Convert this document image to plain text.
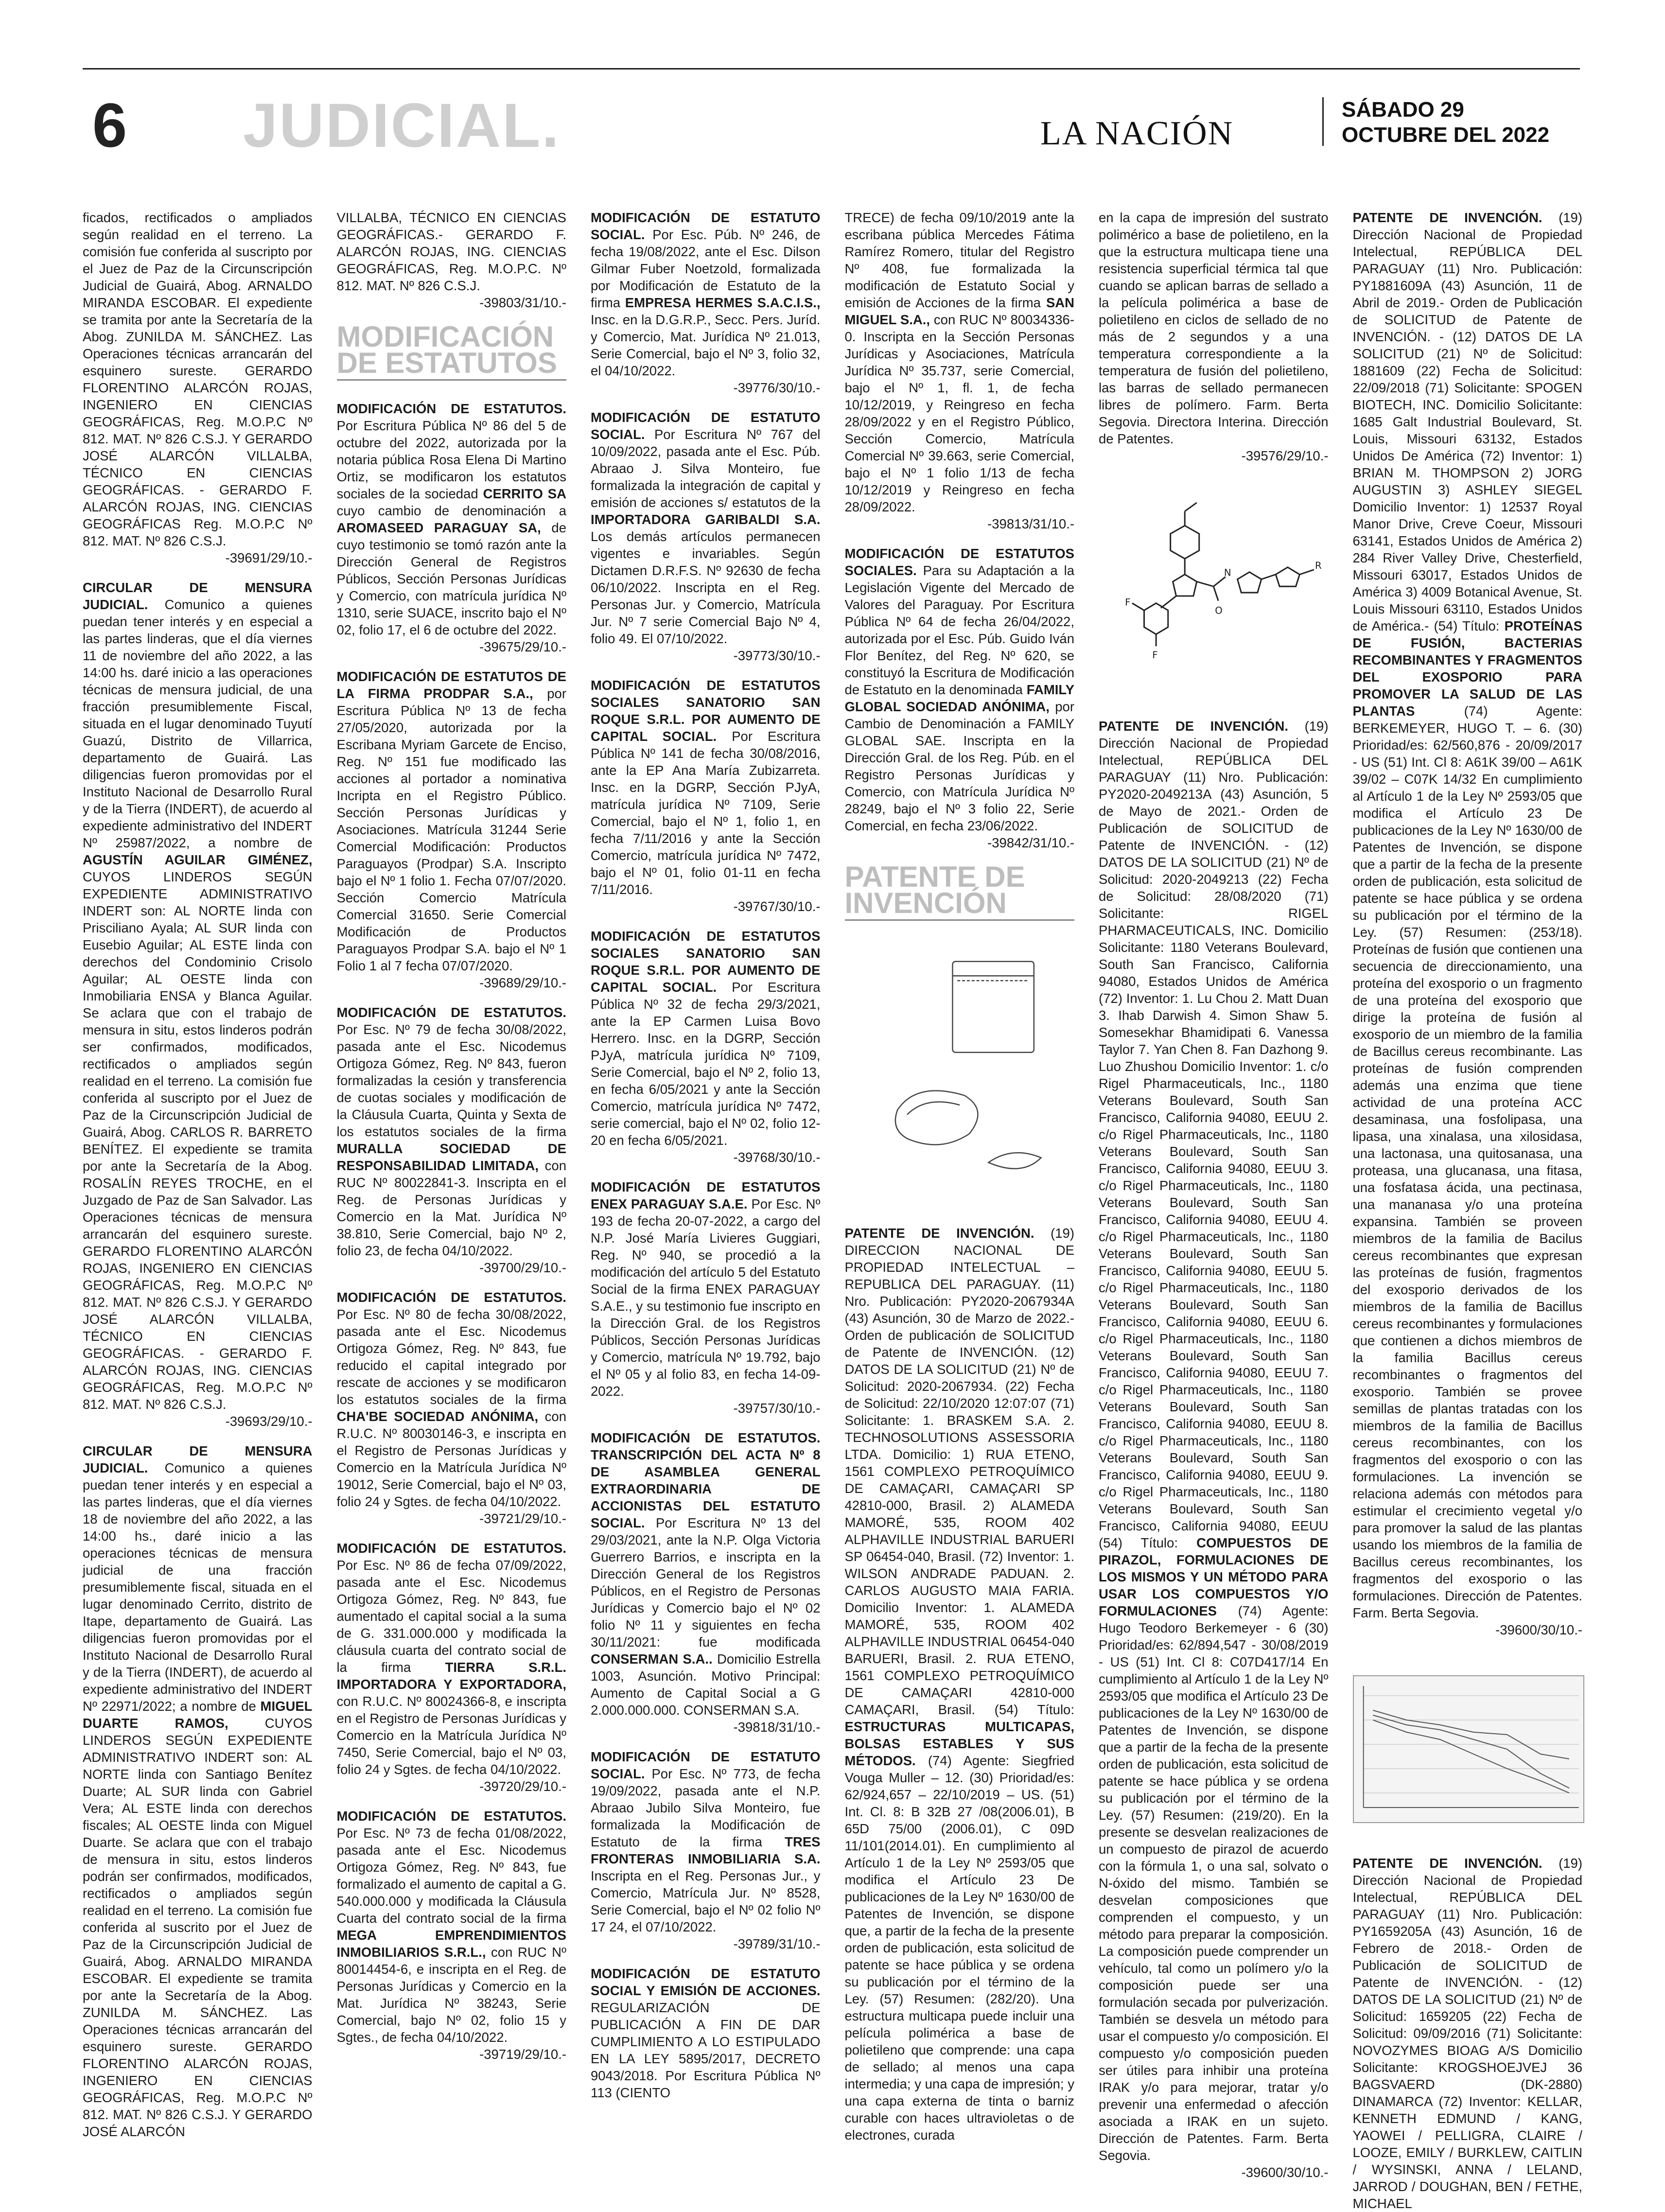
6 JUDICIAL.	LA NACIÓN
SÁBADO 29
OCTUBRE DEL 2022

ficados, rectificados o ampliados según realidad en el terreno. La comisión fue conferida al suscripto por el Juez de Paz de la Circunscripción Judicial de Guairá, Abog. ARNALDO MIRANDA ESCOBAR. El expediente se tramita por ante la Secretaría de la Abog. ZUNILDA M. SÁNCHEZ. Las Operaciones técnicas arrancarán del esquinero sureste. GERARDO FLORENTINO ALARCÓN ROJAS, INGENIERO EN CIENCIAS GEOGRÁFICAS, Reg. M.O.P.C Nº 812. MAT. Nº 826 C.S.J. Y GERARDO JOSÉ ALARCÓN VILLALBA, TÉCNICO EN CIENCIAS GEOGRÁFICAS. - GERARDO F. ALARCÓN ROJAS, ING. CIENCIAS GEOGRÁFICAS Reg. M.O.P.C Nº 812. MAT. Nº 826 C.S.J.
-39691/29/10.-

CIRCULAR DE MENSURA JUDICIAL. Comunico a quienes puedan tener interés y en especial a las partes linderas, que el día viernes 11 de noviembre del año 2022, a las 14:00 hs. daré inicio a las operaciones técnicas de mensura judicial, de una fracción presumiblemente Fiscal, situada en el lugar denominado Tuyutí Guazú, Distrito de Villarrica, departamento de Guairá. Las diligencias fueron promovidas por el Instituto Nacional de Desarrollo Rural y de la Tierra (INDERT), de acuerdo al expediente administrativo del INDERT Nº 25987/2022, a nombre de AGUSTÍN AGUILAR GIMÉNEZ, CUYOS LINDEROS SEGÚN EXPEDIENTE ADMINISTRATIVO INDERT son: AL NORTE linda con Prisciliano Ayala; AL SUR linda con Eusebio Aguilar; AL ESTE linda con derechos del Condominio Crisolo Aguilar; AL OESTE linda con Inmobiliaria ENSA y Blanca Aguilar. Se aclara que con el trabajo de mensura in situ, estos linderos podrán ser confirmados, modificados, rectificados o ampliados según realidad en el terreno. La comisión fue conferida al suscripto por el Juez de Paz de la Circunscripción Judicial de Guairá, Abog. CARLOS R. BARRETO BENÍTEZ. El expediente se tramita por ante la Secretaría de la Abog. ROSALÍN REYES TROCHE, en el Juzgado de Paz de San Salvador. Las Operaciones técnicas de mensura arrancarán del esquinero sureste. GERARDO FLORENTINO ALARCÓN ROJAS, INGENIERO EN CIENCIAS GEOGRÁFICAS, Reg. M.O.P.C Nº 812. MAT. Nº 826 C.S.J. Y GERARDO JOSÉ ALARCÓN VILLALBA, TÉCNICO EN CIENCIAS GEOGRÁFICAS. - GERARDO F. ALARCÓN ROJAS, ING. CIENCIAS GEOGRÁFICAS, Reg. M.O.P.C Nº 812. MAT. Nº 826 C.S.J.
-39693/29/10.-

CIRCULAR DE MENSURA JUDICIAL. Comunico a quienes puedan tener interés y en especial a las partes linderas, que el día viernes 18 de noviembre del año 2022, a las 14:00 hs., daré inicio a las operaciones técnicas de mensura judicial de una fracción presumiblemente fiscal, situada en el lugar denominado Cerrito, distrito de Itape, departamento de Guairá. Las diligencias fueron promovidas por el Instituto Nacional de Desarrollo Rural y de la Tierra (INDERT), de acuerdo al expediente administrativo del INDERT Nº 22971/2022; a nombre de MIGUEL DUARTE RAMOS,	CUYOS LINDEROS SEGÚN EXPEDIENTE ADMINISTRATIVO INDERT son: AL NORTE linda con Santiago Benítez Duarte; AL SUR linda con Gabriel Vera; AL ESTE linda con derechos fiscales; AL OESTE linda con Miguel Duarte. Se aclara que con el trabajo de mensura in situ, estos linderos podrán ser confirmados, modificados, rectificados o ampliados según realidad en el terreno. La comisión fue conferida al suscrito por el Juez de Paz de la Circunscripción Judicial de Guairá, Abog. ARNALDO MIRANDA ESCOBAR. El expediente se tramita por ante la Secretaría de la Abog. ZUNILDA M. SÁNCHEZ. Las Operaciones técnicas arrancarán del esquinero sureste. GERARDO FLORENTINO ALARCÓN ROJAS, INGENIERO EN CIENCIAS GEOGRÁFICAS, Reg. M.O.P.C Nº 812. MAT. Nº 826 C.S.J. Y GERARDO JOSÉ ALARCÓN

VILLALBA, TÉCNICO EN CIENCIAS GEOGRÁFICAS.- GERARDO F. ALARCÓN ROJAS, ING. CIENCIAS GEOGRÁFICAS, Reg. M.O.P.C. Nº 812. MAT. Nº 826 C.S.J.
-39803/31/10.-

MODIFICACIÓN DE ESTATUTOS

MODIFICACIÓN DE ESTATUTOS. Por Escritura Pública Nº 86 del 5 de octubre del 2022, autorizada por la notaria pública Rosa Elena Di Martino Ortiz, se modificaron los estatutos sociales de la sociedad CERRITO SA cuyo cambio de denominación a AROMASEED PARAGUAY SA, de cuyo testimonio se tomó razón ante la Dirección General de Registros Públicos, Sección Personas Jurídicas y Comercio, con matrícula jurídica Nº 1310, serie SUACE, inscrito bajo el Nº 02, folio 17, el 6 de octubre del 2022.
-39675/29/10.-

MODIFICACIÓN DE ESTATUTOS DE LA FIRMA PRODPAR S.A., por Escritura Pública Nº 13 de fecha 27/05/2020, autorizada por la Escribana Myriam Garcete de Enciso, Reg. Nº 151 fue modificado las acciones al portador a nominativa Incripta en el Registro Público. Sección Personas Jurídicas y Asociaciones. Matrícula 31244 Serie Comercial Modificación: Productos Paraguayos (Prodpar) S.A. Inscripto bajo el Nº 1 folio 1. Fecha 07/07/2020. Sección Comercio Matrícula Comercial 31650. Serie Comercial Modificación de Productos Paraguayos Prodpar S.A. bajo el Nº 1 Folio 1 al 7 fecha 07/07/2020.
-39689/29/10.-

MODIFICACIÓN DE ESTATUTOS. Por Esc. Nº 79 de fecha 30/08/2022, pasada ante el Esc. Nicodemus Ortigoza Gómez, Reg. Nº 843, fueron formalizadas la cesión y transferencia de cuotas sociales y modificación de la Cláusula Cuarta, Quinta y Sexta de los estatutos sociales de la firma MURALLA SOCIEDAD DE RESPONSABILIDAD LIMITADA, con RUC Nº 80022841-3. Inscripta en el Reg. de Personas Jurídicas y Comercio en la Mat. Jurídica Nº 38.810, Serie Comercial, bajo Nº 2, folio 23, de fecha 04/10/2022.
-39700/29/10.-

MODIFICACIÓN DE ESTATUTOS. Por Esc. Nº 80 de fecha 30/08/2022, pasada ante el Esc. Nicodemus Ortigoza Gómez, Reg. Nº 843, fue reducido el capital integrado por rescate de acciones y se modificaron los estatutos sociales de la firma CHA'BE SOCIEDAD ANÓNIMA, con R.U.C. Nº 80030146-3, e inscripta en el Registro de Personas Jurídicas y Comercio en la Matrícula Jurídica Nº 19012, Serie Comercial, bajo el Nº 03, folio 24 y Sgtes. de fecha 04/10/2022.
-39721/29/10.-

MODIFICACIÓN DE ESTATUTOS. Por Esc. Nº 86 de fecha 07/09/2022, pasada ante el Esc. Nicodemus Ortigoza Gómez, Reg. Nº 843, fue aumentado el capital social a la suma de G. 331.000.000 y modificada la cláusula cuarta del contrato social de la firma	TIERRA S.R.L. IMPORTADORA Y EXPORTADORA, con R.U.C. Nº 80024366-8, e inscripta en el Registro de Personas Jurídicas y Comercio en la Matrícula Jurídica Nº 7450, Serie Comercial, bajo el Nº 03, folio 24 y Sgtes. de fecha 04/10/2022.
-39720/29/10.-

MODIFICACIÓN DE ESTATUTOS. Por Esc. Nº 73 de fecha 01/08/2022, pasada ante el Esc. Nicodemus Ortigoza Gómez, Reg. Nº 843, fue formalizado el aumento de capital a G. 540.000.000 y modificada la Cláusula Cuarta del contrato social de la firma MEGA EMPRENDIMIENTOS INMOBILIARIOS S.R.L., con RUC Nº 80014454-6, e inscripta en el Reg. de Personas Jurídicas y Comercio en la Mat. Jurídica Nº 38243, Serie Comercial, bajo Nº 02, folio 15 y Sgtes., de fecha 04/10/2022.
-39719/29/10.-

MODIFICACIÓN DE ESTATUTO SOCIAL. Por Esc. Púb. Nº 246, de fecha 19/08/2022, ante el Esc. Dilson Gilmar Fuber Noetzold, formalizada por Modificación de Estatuto de la firma EMPRESA HERMES S.A.C.I.S., Insc. en la D.G.R.P., Secc. Pers. Juríd. y Comercio, Mat. Jurídica Nº 21.013, Serie Comercial, bajo el Nº 3, folio 32, el 04/10/2022.
-39776/30/10.-

MODIFICACIÓN DE ESTATUTO SOCIAL. Por Escritura Nº 767 del 10/09/2022, pasada ante el Esc. Púb. Abraao J. Silva Monteiro, fue formalizada la integración de capital y emisión de acciones s/ estatutos de la IMPORTADORA GARIBALDI S.A. Los demás artículos permanecen vigentes e invariables. Según Dictamen D.R.F.S. Nº 92630 de fecha 06/10/2022. Inscripta en el Reg. Personas Jur. y Comercio, Matrícula Jur. Nº 7 serie Comercial Bajo Nº 4, folio 49. El 07/10/2022.
-39773/30/10.-

MODIFICACIÓN DE ESTATUTOS SOCIALES SANATORIO SAN ROQUE S.R.L. POR AUMENTO DE CAPITAL SOCIAL. Por Escritura Pública Nº 141 de fecha 30/08/2016, ante la EP Ana María Zubizarreta. Insc. en la DGRP, Sección PJyA, matrícula jurídica Nº 7109, Serie Comercial, bajo el Nº 1, folio 1, en fecha 7/11/2016 y ante la Sección Comercio, matrícula jurídica Nº 7472, bajo el Nº 01, folio 01-11 en fecha 7/11/2016.
-39767/30/10.-

MODIFICACIÓN DE ESTATUTOS SOCIALES SANATORIO SAN ROQUE S.R.L. POR AUMENTO DE CAPITAL SOCIAL. Por Escritura Pública Nº 32 de fecha 29/3/2021, ante la EP Carmen Luisa Bovo Herrero. Insc. en la DGRP, Sección PJyA, matrícula jurídica Nº 7109, Serie Comercial, bajo el Nº 2, folio 13, en fecha 6/05/2021 y ante la Sección Comercio, matrícula jurídica Nº 7472, serie comercial, bajo el Nº 02, folio 12-20 en fecha 6/05/2021.
-39768/30/10.-

MODIFICACIÓN DE ESTATUTOS ENEX PARAGUAY S.A.E. Por Esc. Nº 193 de fecha 20-07-2022, a cargo del N.P. José María Livieres Guggiari, Reg. Nº 940, se procedió a la modificación del artículo 5 del Estatuto Social de la firma ENEX PARAGUAY S.A.E., y su testimonio fue inscripto en la Dirección Gral. de los Registros Públicos, Sección Personas Jurídicas y Comercio, matrícula Nº 19.792, bajo el Nº 05 y al folio 83, en fecha 14-09-2022.
-39757/30/10.-

MODIFICACIÓN DE ESTATUTOS. TRANSCRIPCIÓN DEL ACTA Nº 8 DE ASAMBLEA GENERAL EXTRAORDINARIA DE ACCIONISTAS DEL ESTATUTO SOCIAL. Por Escritura Nº 13 del 29/03/2021, ante la N.P. Olga Victoria Guerrero Barrios, e inscripta en la Dirección General de los Registros Públicos, en el Registro de Personas Jurídicas y Comercio bajo el Nº 02 folio Nº 11 y siguientes en fecha 30/11/2021: fue modificada CONSERMAN S.A.. Domicilio Estrella 1003, Asunción. Motivo Principal: Aumento de Capital Social a G 2.000.000.000. CONSERMAN S.A.
-39818/31/10.-

MODIFICACIÓN DE ESTATUTO SOCIAL. Por Esc. Nº 773, de fecha 19/09/2022, pasada ante el N.P. Abraao Jubilo Silva Monteiro, fue formalizada la Modificación de Estatuto de la firma TRES FRONTERAS INMOBILIARIA S.A. Inscripta en el Reg. Personas Jur., y Comercio, Matrícula Jur. Nº 8528, Serie Comercial, bajo el Nº 02 folio Nº 17 24, el 07/10/2022.
-39789/31/10.-

MODIFICACIÓN DE ESTATUTO SOCIAL Y EMISIÓN DE ACCIONES. REGULARIZACIÓN DE PUBLICACIÓN A FIN DE DAR CUMPLIMIENTO A LO ESTIPULADO EN LA LEY 5895/2017, DECRETO 9043/2018. Por Escritura Pública Nº 113 (CIENTO

TRECE) de fecha 09/10/2019 ante la escribana pública Mercedes Fátima Ramírez Romero, titular del Registro Nº 408, fue formalizada la modificación de Estatuto Social y emisión de Acciones de la firma SAN MIGUEL S.A., con RUC Nº 80034336-0. Inscripta en la Sección Personas Jurídicas y Asociaciones, Matrícula Jurídica Nº 35.737, serie Comercial, bajo el Nº 1, fl. 1, de fecha 10/12/2019, y Reingreso en fecha 28/09/2022 y en el Registro Público, Sección Comercio, Matrícula Comercial Nº 39.663, serie Comercial, bajo el Nº 1 folio 1/13 de fecha 10/12/2019 y Reingreso en fecha 28/09/2022.
-39813/31/10.-

MODIFICACIÓN DE ESTATUTOS SOCIALES. Para su Adaptación a la Legislación Vigente del Mercado de Valores del Paraguay. Por Escritura Pública Nº 64 de fecha 26/04/2022, autorizada por el Esc. Púb. Guido Iván Flor Benítez, del Reg. Nº 620, se constituyó la Escritura de Modificación de Estatuto en la denominada FAMILY GLOBAL SOCIEDAD ANÓNIMA, por Cambio de Denominación a FAMILY GLOBAL SAE. Inscripta en la Dirección Gral. de los Reg. Púb. en el Registro Personas Jurídicas y Comercio, con Matrícula Jurídica Nº 28249, bajo el Nº 3 folio 22, Serie Comercial, en fecha 23/06/2022.
-39842/31/10.-

PATENTE DE INVENCIÓN

PATENTE DE INVENCIÓN. (19) DIRECCION NACIONAL DE PROPIEDAD INTELECTUAL – REPUBLICA DEL PARAGUAY. (11) Nro. Publicación: PY2020-2067934A (43) Asunción, 30 de Marzo de 2022.- Orden de publicación de SOLICITUD de Patente de INVENCIÓN. (12) DATOS DE LA SOLICITUD (21) Nº de Solicitud: 2020-2067934. (22) Fecha de Solicitud: 22/10/2020 12:07:07 (71) Solicitante: 1. BRASKEM S.A. 2. TECHNOSOLUTIONS ASSESSORIA LTDA. Domicilio: 1) RUA ETENO, 1561 COMPLEXO PETROQUÍMICO DE CAMAÇARI, CAMAÇARI SP 42810-000, Brasil. 2) ALAMEDA MAMORÉ, 535, ROOM 402 ALPHAVILLE INDUSTRIAL BARUERI SP 06454-040, Brasil. (72) Inventor: 1. WILSON ANDRADE PADUAN. 2. CARLOS AUGUSTO MAIA FARIA. Domicilio Inventor: 1. ALAMEDA MAMORÉ, 535, ROOM 402 ALPHAVILLE INDUSTRIAL 06454-040 BARUERI, Brasil. 2. RUA ETENO, 1561 COMPLEXO PETROQUÍMICO DE CAMAÇARI 42810-000 CAMAÇARI, Brasil. (54) Título: ESTRUCTURAS MULTICAPAS, BOLSAS ESTABLES Y SUS MÉTODOS. (74) Agente: Siegfried Vouga Muller – 12. (30) Prioridad/es: 62/924,657 – 22/10/2019 – US. (51) Int. Cl. 8: B 32B 27 /08(2006.01), B 65D 75/00 (2006.01), C 09D 11/101(2014.01). En cumplimiento al Artículo 1 de la Ley Nº 2593/05 que modifica el Artículo 23 De publicaciones de la Ley Nº 1630/00 de Patentes de Invención, se dispone que, a partir de la fecha de la presente orden de publicación, esta solicitud de patente se hace pública y se ordena su publicación por el término de la Ley. (57) Resumen: (282/20). Una estructura multicapa puede incluir una película polimérica a base de polietileno que comprende: una capa de sellado; al menos una capa intermedia; y una capa de impresión; y una capa externa de tinta o barniz curable con haces ultravioletas o de electrones, curada

en la capa de impresión del sustrato polimérico a base de polietileno, en la que la estructura multicapa tiene una resistencia superficial térmica tal que cuando se aplican barras de sellado a la película polimérica a base de polietileno en ciclos de sellado de no más de 2 segundos y a una temperatura correspondiente a la temperatura de fusión del polietileno, las barras de sellado permanecen libres de polímero. Farm. Berta Segovia. Directora Interina. Dirección de Patentes.
-39576/29/10.-

F
F
O
N
R

PATENTE DE INVENCIÓN. (19) Dirección Nacional de Propiedad Intelectual, REPÚBLICA DEL PARAGUAY (11) Nro. Publicación: PY2020-2049213A (43) Asunción, 5 de Mayo de 2021.- Orden de Publicación de SOLICITUD de Patente de INVENCIÓN. - (12) DATOS DE LA SOLICITUD (21) Nº de Solicitud: 2020-2049213 (22) Fecha de Solicitud: 28/08/2020 (71) Solicitante: RIGEL PHARMACEUTICALS, INC. Domicilio Solicitante: 1180 Veterans Boulevard, South San Francisco, California 94080, Estados Unidos de América (72) Inventor: 1. Lu Chou 2. Matt Duan 3. Ihab Darwish 4. Simon Shaw 5. Somesekhar Bhamidipati 6. Vanessa Taylor 7. Yan Chen 8. Fan Dazhong 9. Luo Zhushou Domicilio Inventor: 1. c/o Rigel Pharmaceuticals, Inc., 1180 Veterans Boulevard, South San Francisco, California 94080, EEUU 2. c/o Rigel Pharmaceuticals, Inc., 1180 Veterans Boulevard, South San Francisco, California 94080, EEUU 3. c/o Rigel Pharmaceuticals, Inc., 1180 Veterans Boulevard, South San Francisco, California 94080, EEUU 4. c/o Rigel Pharmaceuticals, Inc., 1180 Veterans Boulevard, South San Francisco, California 94080, EEUU 5. c/o Rigel Pharmaceuticals, Inc., 1180 Veterans Boulevard, South San Francisco, California 94080, EEUU 6. c/o Rigel Pharmaceuticals, Inc., 1180 Veterans Boulevard, South San Francisco, California 94080, EEUU 7. c/o Rigel Pharmaceuticals, Inc., 1180 Veterans Boulevard, South San Francisco, California 94080, EEUU 8. c/o Rigel Pharmaceuticals, Inc., 1180 Veterans Boulevard, South San Francisco, California 94080, EEUU 9. c/o Rigel Pharmaceuticals, Inc., 1180 Veterans Boulevard, South San Francisco, California 94080, EEUU (54) Título: COMPUESTOS DE PIRAZOL, FORMULACIONES DE LOS MISMOS Y UN MÉTODO PARA USAR LOS COMPUESTOS Y/O FORMULACIONES (74) Agente: Hugo Teodoro Berkemeyer - 6 (30) Prioridad/es: 62/894,547 - 30/08/2019 - US (51) Int. Cl 8: C07D417/14 En cumplimiento al Artículo 1 de la Ley Nº 2593/05 que modifica el Artículo 23 De publicaciones de la Ley Nº 1630/00 de Patentes de Invención, se dispone que a partir de la fecha de la presente orden de publicación, esta solicitud de patente se hace pública y se ordena su publicación por el término de la Ley. (57) Resumen: (219/20). En la presente se desvelan realizaciones de un compuesto de pirazol de acuerdo con la fórmula 1, o una sal, solvato o N-óxido del mismo. También se desvelan composiciones que comprenden el compuesto, y un método para preparar la composición. La composición puede comprender un vehículo, tal como un polímero y/o la composición puede ser una formulación secada por pulverización. También se desvela un método para usar el compuesto y/o composición. El compuesto y/o composición pueden ser útiles para inhibir una proteína IRAK y/o para mejorar, tratar y/o prevenir una enfermedad o afección asociada a IRAK en un sujeto. Dirección de Patentes. Farm. Berta Segovia.
-39600/30/10.-

PATENTE DE INVENCIÓN. (19) Dirección Nacional de Propiedad Intelectual, REPÚBLICA DEL PARAGUAY (11) Nro. Publicación: PY1881609A (43) Asunción, 11 de Abril de 2019.- Orden de Publicación de SOLICITUD de Patente de INVENCIÓN. - (12) DATOS DE LA SOLICITUD (21) Nº de Solicitud: 1881609 (22) Fecha de Solicitud: 22/09/2018 (71) Solicitante: SPOGEN BIOTECH, INC. Domicilio Solicitante: 1685 Galt Industrial Boulevard, St. Louis, Missouri 63132, Estados Unidos De América (72) Inventor: 1) BRIAN M. THOMPSON 2) JORG AUGUSTIN 3) ASHLEY SIEGEL Domicilio Inventor: 1) 12537 Royal Manor Drive, Creve Coeur, Missouri 63141, Estados Unidos de América 2) 284 River Valley Drive, Chesterfield, Missouri 63017, Estados Unidos de América 3) 4009 Botanical Avenue, St. Louis Missouri 63110, Estados Unidos de América.- (54) Título: PROTEÍNAS DE FUSIÓN, BACTERIAS RECOMBINANTES Y FRAGMENTOS DEL EXOSPORIO PARA PROMOVER LA SALUD DE LAS PLANTAS	(74) Agente: BERKEMEYER, HUGO T. – 6. (30) Prioridad/es: 62/560,876 - 20/09/2017 - US (51) Int. Cl 8: A61K 39/00 – A61K 39/02 – C07K 14/32 En cumplimiento al Artículo 1 de la Ley Nº 2593/05 que modifica el Artículo 23 De publicaciones de la Ley Nº 1630/00 de Patentes de Invención, se dispone que a partir de la fecha de la presente orden de publicación, esta solicitud de patente se hace pública y se ordena su publicación por el término de la Ley. (57) Resumen: (253/18). Proteínas de fusión que contienen una secuencia de direccionamiento, una proteína del exosporio o un fragmento de una proteína del exosporio que dirige la proteína de fusión al exosporio de un miembro de la familia de Bacillus cereus recombinante. Las proteínas de fusión comprenden además una enzima que tiene actividad de una proteína ACC desaminasa, una fosfolipasa, una lipasa, una xinalasa, una xilosidasa, una lactonasa, una quitosanasa, una proteasa, una glucanasa, una fitasa, una fosfatasa ácida, una pectinasa, una mananasa y/o una proteína expansina. También se proveen miembros de la familia de Bacilus cereus recombinantes que expresan las proteínas de fusión, fragmentos del exosporio derivados de los miembros de la familia de Bacillus cereus recombinantes y formulaciones que contienen a dichos miembros de la familia Bacillus cereus recombinantes o fragmentos del exosporio. También se provee semillas de plantas tratadas con los miembros de la familia de Bacillus cereus recombinantes, con los fragmentos del exosporio o con las formulaciones. La invención se relaciona además con métodos para estimular el crecimiento vegetal y/o para promover la salud de las plantas usando los miembros de la familia de Bacillus cereus recombinantes, los fragmentos del exosporio o las formulaciones. Dirección de Patentes. Farm. Berta Segovia.
-39600/30/10.-

PATENTE DE INVENCIÓN. (19) Dirección Nacional de Propiedad Intelectual, REPÚBLICA DEL PARAGUAY (11) Nro. Publicación: PY1659205A (43) Asunción, 16 de Febrero de 2018.- Orden de Publicación de SOLICITUD de Patente de INVENCIÓN. - (12) DATOS DE LA SOLICITUD (21) Nº de Solicitud: 1659205 (22) Fecha de Solicitud: 09/09/2016 (71) Solicitante: NOVOZYMES BIOAG A/S Domicilio Solicitante: KROGSHOEJVEJ 36 BAGSVAERD (DK-2880) DINAMARCA (72) Inventor: KELLAR, KENNETH EDMUND / KANG, YAOWEI / PELLIGRA, CLAIRE / LOOZE, EMILY / BURKLEW, CAITLIN / WYSINSKI, ANNA / LELAND, JARROD / DOUGHAN, BEN / FETHE, MICHAEL
